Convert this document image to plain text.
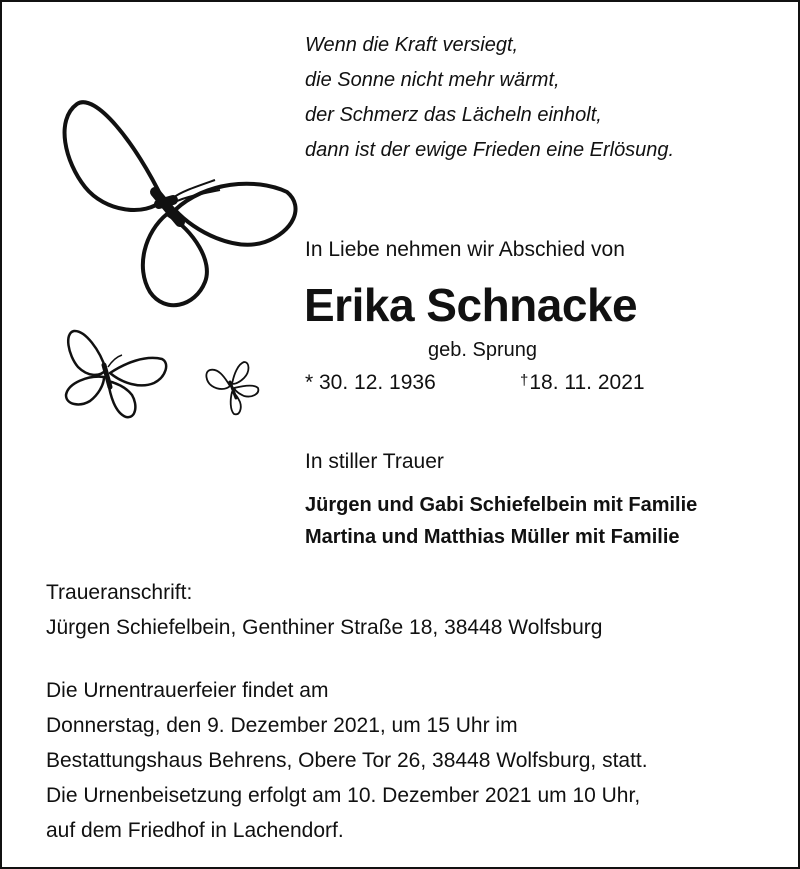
Wenn die Kraft versiegt,
die Sonne nicht mehr wärmt,
der Schmerz das Lächeln einholt,
dann ist der ewige Frieden eine Erlösung.
In Liebe nehmen wir Abschied von
Erika Schnacke
geb. Sprung
* 30. 12. 1936	†18. 11. 2021
In stiller Trauer
Jürgen und Gabi Schiefelbein mit Familie
Martina und Matthias Müller mit Familie
Traueranschrift:
Jürgen Schiefelbein, Genthiner Straße 18, 38448 Wolfsburg
Die Urnentrauerfeier findet am
Donnerstag, den 9. Dezember 2021, um 15 Uhr im
Bestattungshaus Behrens, Obere Tor 26, 38448 Wolfsburg, statt.
Die Urnenbeisetzung erfolgt am 10. Dezember 2021 um 10 Uhr,
auf dem Friedhof in Lachendorf.
